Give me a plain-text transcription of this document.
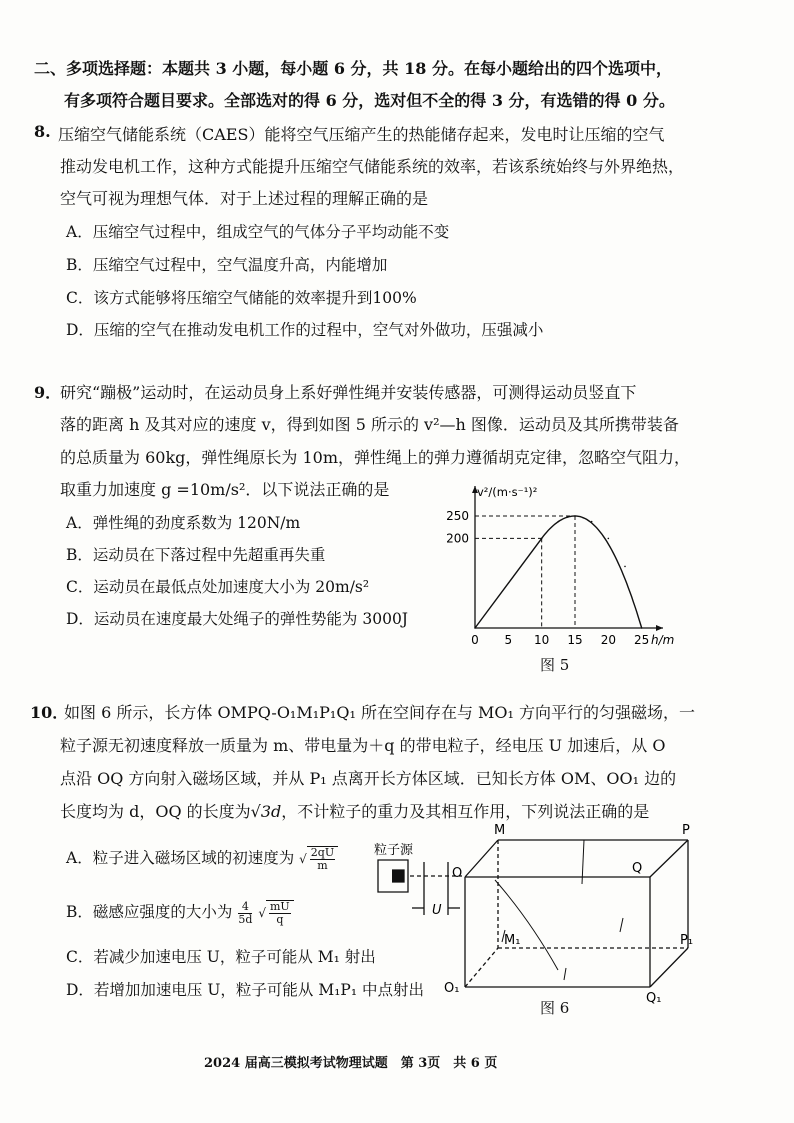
二、多项选择题：本题共 3 小题，每小题 6 分，共 18 分。在每小题给出的四个选项中，
有多项符合题目要求。全部选对的得 6 分，选对但不全的得 3 分，有选错的得 0 分。
8. 压缩空气储能系统（CAES）能将空气压缩产生的热能储存起来，发电时让压缩的空气
推动发电机工作，这种方式能提升压缩空气储能系统的效率，若该系统始终与外界绝热，
空气可视为理想气体．对于上述过程的理解正确的是
A．压缩空气过程中，组成空气的气体分子平均动能不变
B．压缩空气过程中，空气温度升高，内能增加
C．该方式能够将压缩空气储能的效率提升到100%
D．压缩的空气在推动发电机工作的过程中，空气对外做功，压强减小
9．
研究“蹦极”运动时，在运动员身上系好弹性绳并安装传感器，可测得运动员竖直下
落的距离 h 及其对应的速度 v，得到如图 5 所示的 v²—h 图像．运动员及其所携带装备
的总质量为 60kg，弹性绳原长为 10m，弹性绳上的弹力遵循胡克定律，忽略空气阻力，
取重力加速度 g =10m/s²．以下说法正确的是
A．弹性绳的劲度系数为 120N/m
B．运动员在下落过程中先超重再失重
C．运动员在最低点处加速度大小为 20m/s²
D．运动员在速度最大处绳子的弹性势能为 3000J
0 5 10 15 20 25
200
250
v²/(m·s⁻¹)²
h/m
图 5
10．
如图 6 所示，长方体 OMPQ-O₁M₁P₁Q₁ 所在空间存在与 MO₁ 方向平行的匀强磁场，一
粒子源无初速度释放一质量为 m、带电量为＋q 的带电粒子，经电压 U 加速后，从 O
点沿 OQ 方向射入磁场区域，并从 P₁ 点离开长方体区域．已知长方体 OM、OO₁ 边的
长度均为 d，OQ 的长度为√3d，不计粒子的重力及其相互作用，下列说法正确的是
A．粒子进入磁场区域的初速度为 √ $\frac{2qU}{m}$
B．磁感应强度的大小为 $\frac{4}{5d}$ √ $\frac{mU}{q}$
C．若减少加速电压 U，粒子可能从 M₁ 射出
D．若增加加速电压 U，粒子可能从 M₁P₁ 中点射出
粒子源
U
M	P
O	Q
M₁	P₁
O₁
Q₁
图 6
2024 届高三模拟考试物理试题　第 3页　共 6 页
